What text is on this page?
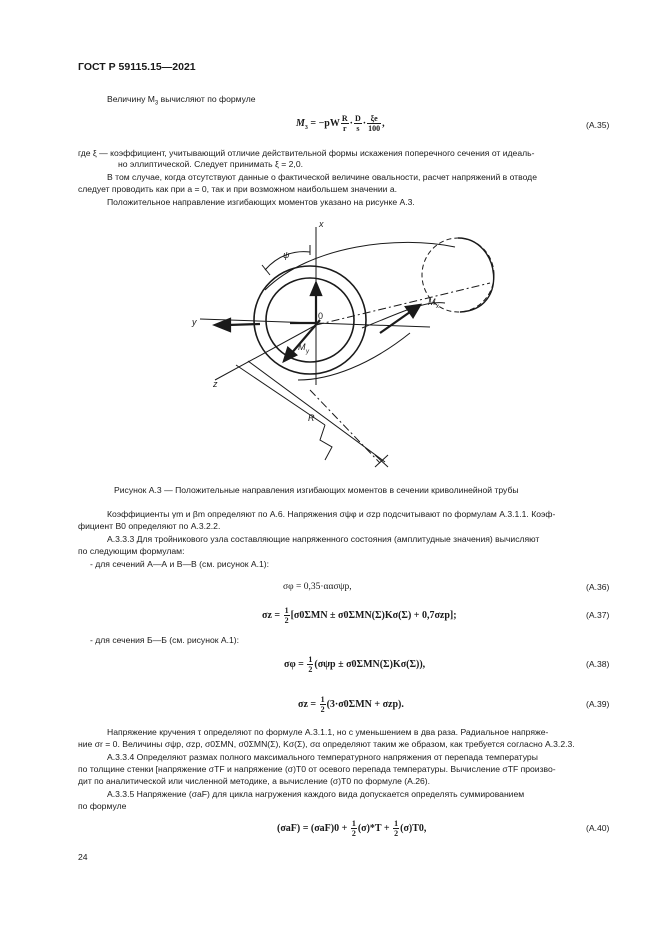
ГОСТ Р 59115.15—2021
Величину $M_3$ вычисляют по формуле
$M_3 = -pW \frac{R}{r} \cdot \frac{D}{s} \cdot \frac{\xi e}{100}$ ,	(А.35)
где ξ — коэффициент, учитывающий отличие действительной формы искажения поперечного сечения от идеаль-
но эллиптической. Следует принимать ξ = 2,0.
В том случае, когда отсутствуют данные о фактической величине овальности, расчет напряжений в отводе
следует проводить как при a = 0, так и при возможном наибольшем значении a.
Положительное направление изгибающих моментов указано на рисунке А.3.
x
y
z
ψ
0
M x
M y
R
Рисунок А.3 — Положительные направления изгибающих моментов в сечении криволинейной трубы
Коэффициенты γm и βm определяют по А.6. Напряжения σψφ и σzp подсчитывают по формулам А.3.1.1. Коэф-
фициент B0 определяют по А.3.2.2.
А.3.3.3 Для тройникового узла составляющие напряженного состояния (амплитудные значения) вычисляют
по следующим формулам:
- для сечений А—А и В—В (см. рисунок А.1):
σφ = 0,35·αασψp,	(А.36)
$\sigma z = \frac{1}{2} [\sigma 0\Sigma MN \pm \sigma 0\Sigma MN(\Sigma)K\sigma(\Sigma) + 0,7\sigma zp]$;	(А.37)
- для сечения Б—Б (см. рисунок А.1):
$\sigma\varphi = \frac{1}{2} (\sigma\psi p \pm \sigma 0\Sigma MN(\Sigma)K\sigma(\Sigma))$,	(А.38)
$\sigma z = \frac{1}{2} (3\cdot\sigma 0\Sigma MN + \sigma zp)$.	(А.39)
Напряжение кручения τ определяют по формуле А.3.1.1, но с уменьшением в два раза. Радиальное напряже-
ние σr = 0. Величины σψp, σzp, σ0ΣMN, σ0ΣMN(Σ), Kσ(Σ), σα определяют таким же образом, как требуется согласно А.3.2.3.
А.3.3.4 Определяют размах полного максимального температурного напряжения от перепада температуры
по толщине стенки [напряжение σTF и напряжение (σ)T0 от осевого перепада температуры. Вычисление σTF произво-
дит по аналитической или численной методике, а вычисление (σ)T0 по формуле (А.26).
А.3.3.5 Напряжение (σaF) для цикла нагружения каждого вида допускается определять суммированием
по формуле
$(\sigma aF) = (\sigma aF)0 + \frac{1}{2} (\sigma)*T + \frac{1}{2} (\sigma)T0$,	(А.40)
24
